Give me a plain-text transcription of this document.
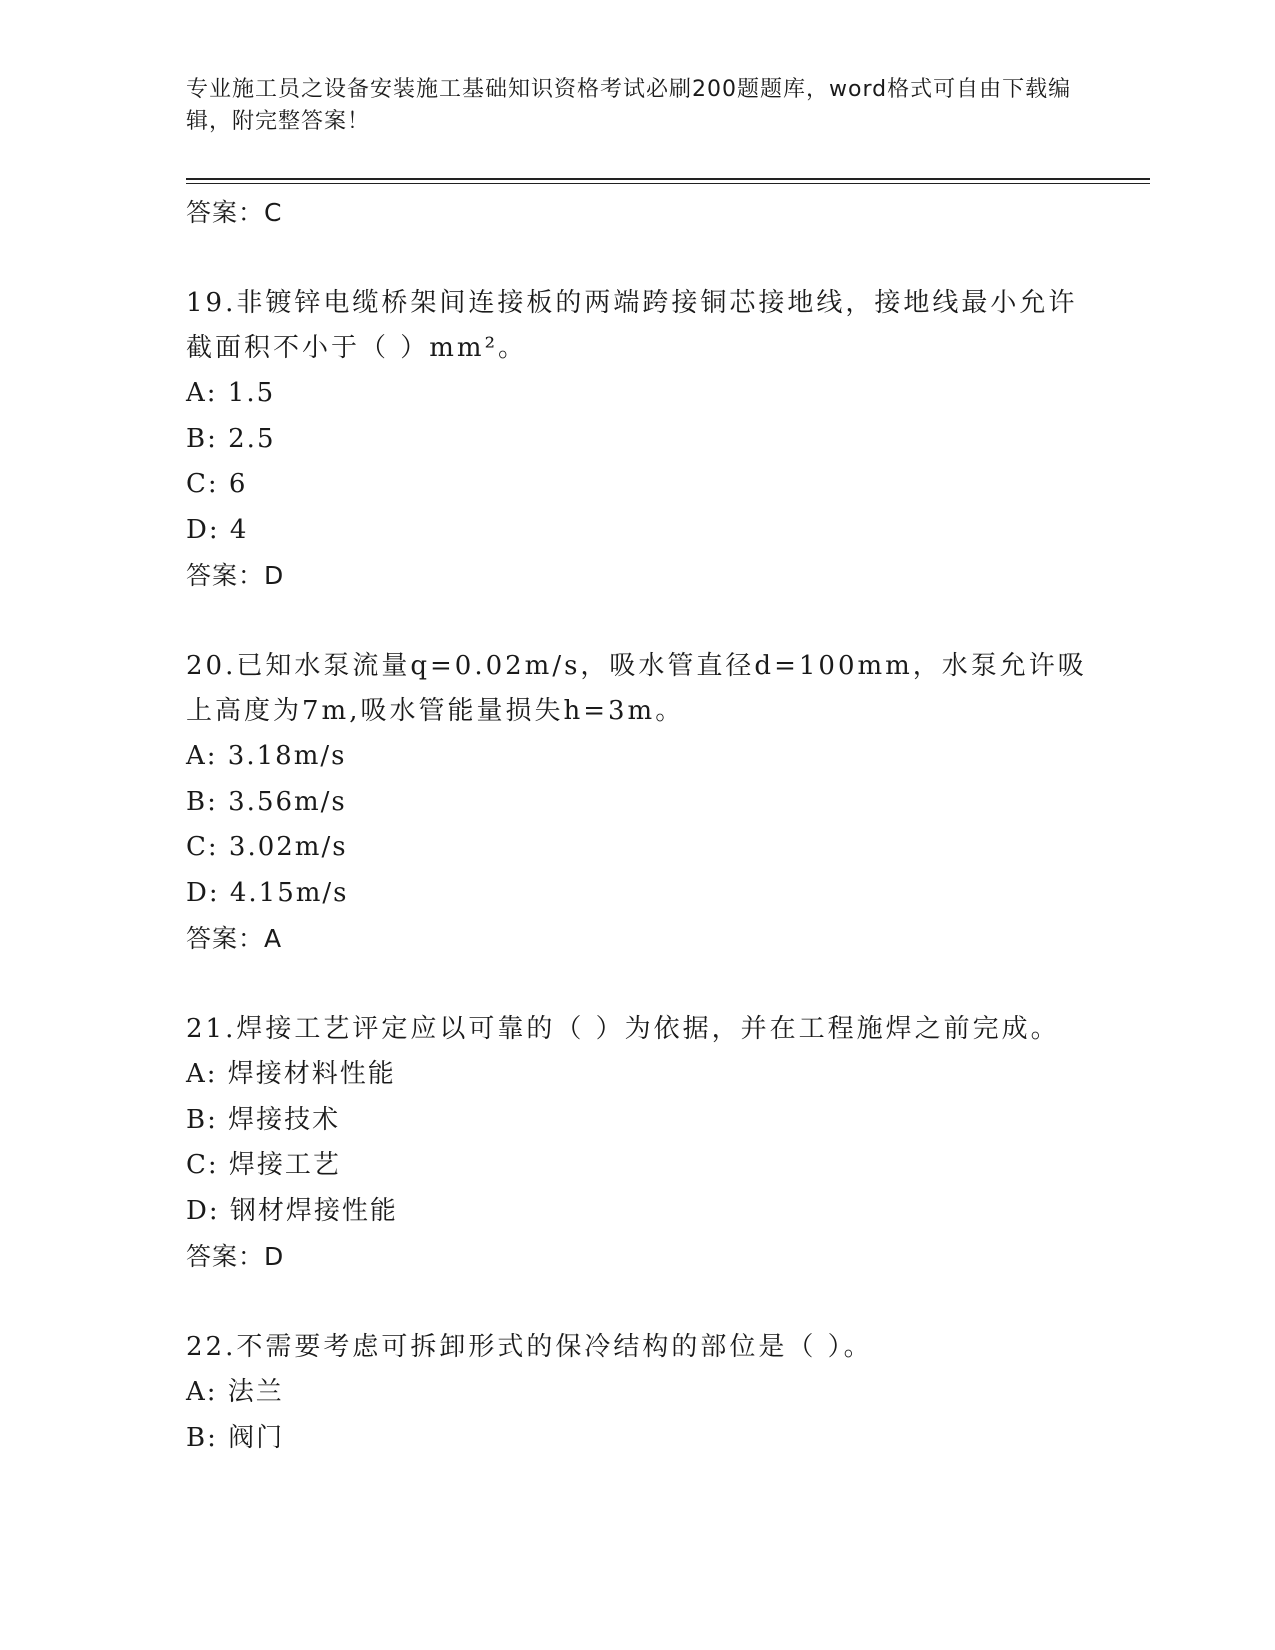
专业施工员之设备安装施工基础知识资格考试必刷200题题库，word格式可自由下载编辑，附完整答案！
答案：C

19.非镀锌电缆桥架间连接板的两端跨接铜芯接地线，接地线最小允许截面积不小于（ ）mm²。

A: 1.5
B: 2.5
C: 6
D: 4
答案：D

20.已知水泵流量q=0.02m/s，吸水管直径d=100mm，水泵允许吸上高度为7m,吸水管能量损失h=3m。

A: 3.18m/s
B: 3.56m/s
C: 3.02m/s
D: 4.15m/s
答案：A

21.焊接工艺评定应以可靠的（ ）为依据，并在工程施焊之前完成。

A: 焊接材料性能
B: 焊接技术
C: 焊接工艺
D: 钢材焊接性能
答案：D

22.不需要考虑可拆卸形式的保冷结构的部位是（ ）。

A: 法兰
B: 阀门
